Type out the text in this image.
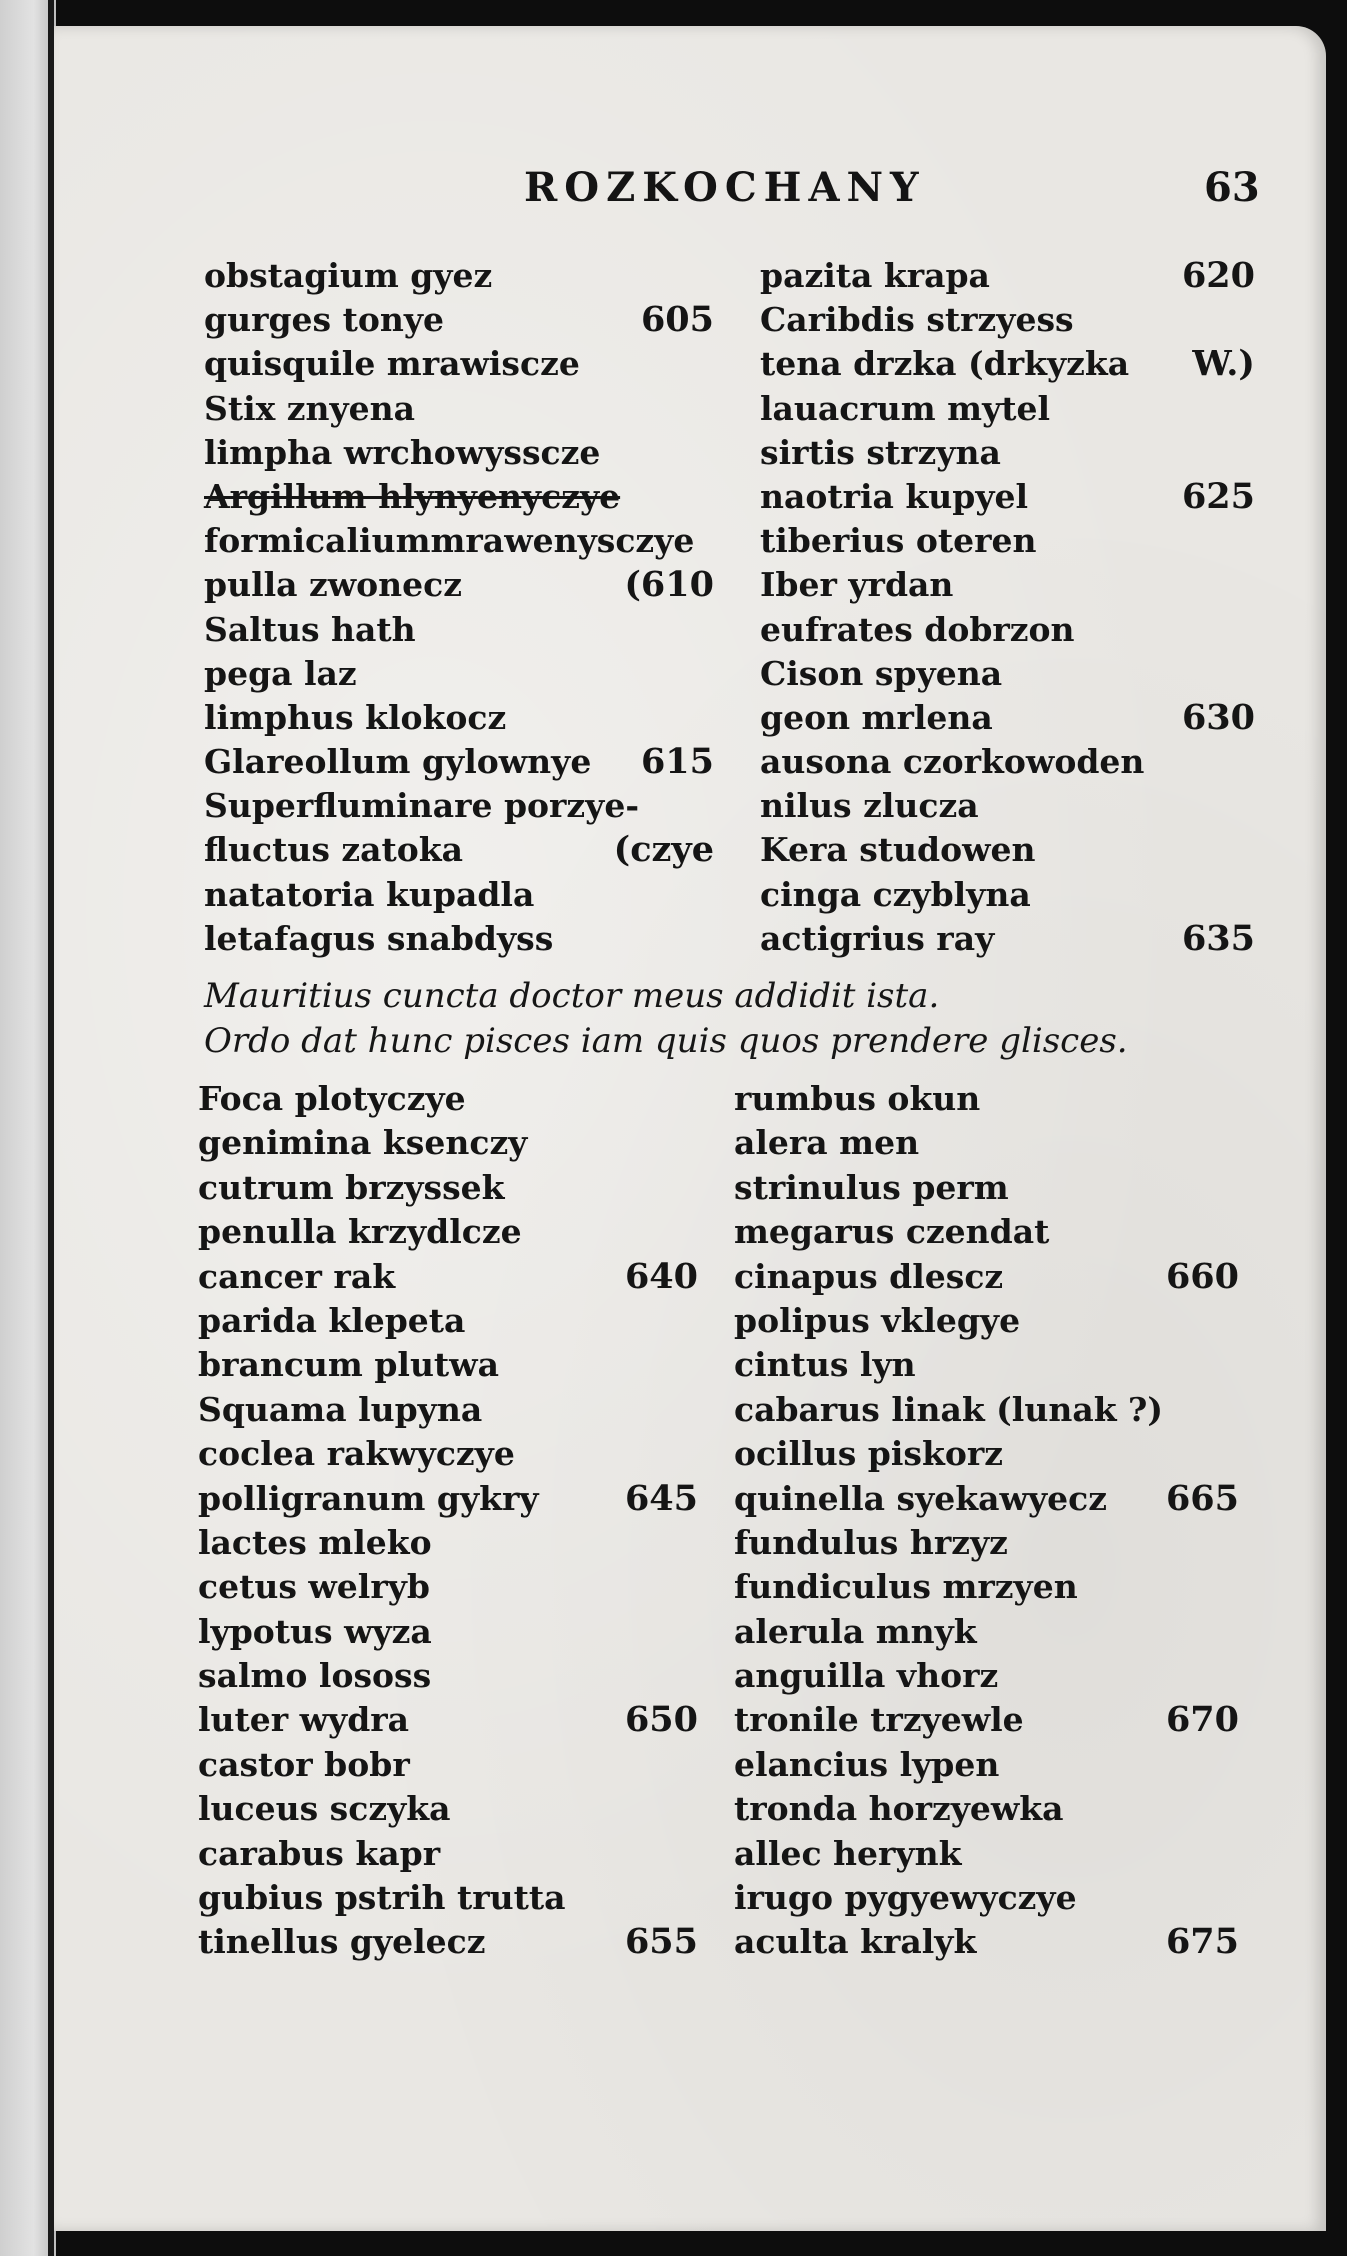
ROZKOCHANY	63
obstagium gyez
gurges tonye	605
quisquile mrawiscze
Stix znyena
limpha wrchowysscze
Argillum hlynyenyczye
formicaliummrawenysczye
pulla zwonecz	(610
Saltus hath
pega laz
limphus klokocz
Glareollum gylownye 615
Superfluminare porzye-
fluctus zatoka	(czye
natatoria kupadla
letafagus snabdyss
pazita krapa	620
Caribdis strzyess
tena drzka (drkyzka W.)
lauacrum mytel
sirtis strzyna
naotria kupyel	625
tiberius oteren
Iber yrdan
eufrates dobrzon
Cison spyena
geon mrlena	630
ausona czorkowoden
nilus zlucza
Kera studowen
cinga czyblyna
actigrius ray	635

Mauritius cuncta doctor meus addidit ista.

Ordo dat hunc pisces iam quis quos prendere glisces.

Foca plotyczye
genimina ksenczy
cutrum brzyssek
penulla krzydlcze
cancer rak	640
parida klepeta
brancum plutwa
Squama lupyna
coclea rakwyczye
polligranum gykry 645
lactes mleko
cetus welryb
lypotus wyza
salmo lososs
luter wydra	650
castor bobr
luceus sczyka
carabus kapr
gubius pstrih trutta
tinellus gyelecz	655
rumbus okun
alera men
strinulus perm
megarus czendat
cinapus dlescz	660
polipus vklegye
cintus lyn
cabarus linak (lunak ?)
ocillus piskorz
quinella syekawyecz 665
fundulus hrzyz
fundiculus mrzyen
alerula mnyk
anguilla vhorz
tronile trzyewle	670
elancius lypen
tronda horzyewka
allec herynk
irugo pygyewyczye
aculta kralyk	675
